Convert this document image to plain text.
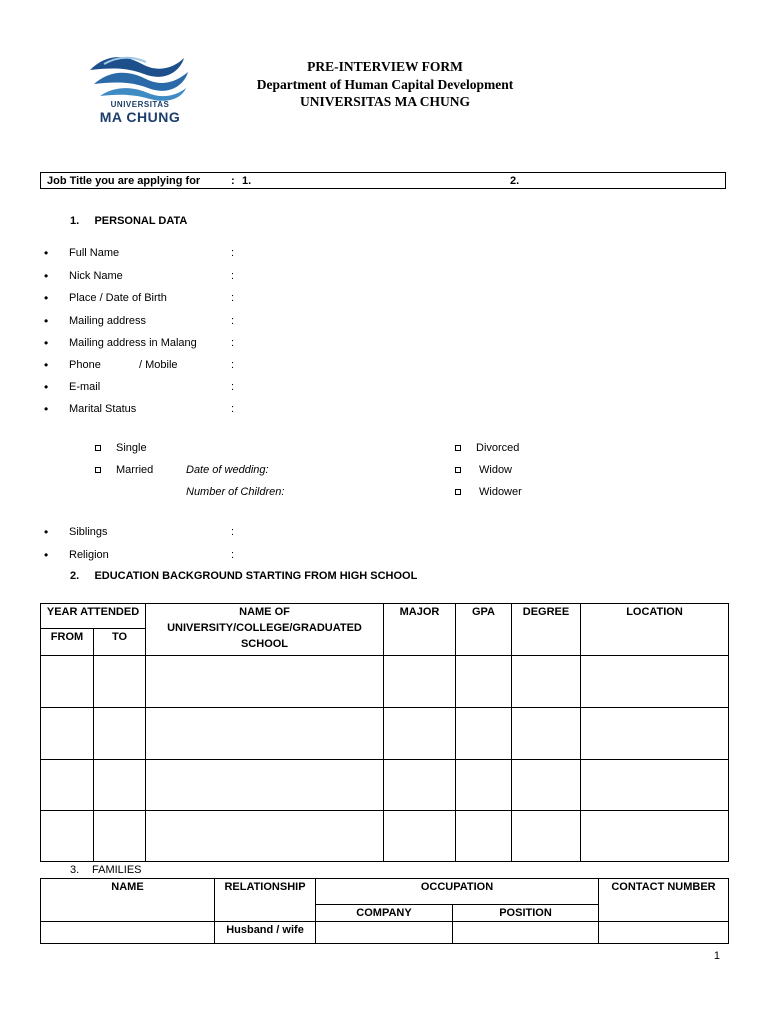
UNIVERSITAS
MA CHUNG
PRE-INTERVIEW FORM
Department of Human Capital Development
UNIVERSITAS MA CHUNG
Job Title you are applying for	: 1.	2.
1.     PERSONAL DATA
• Full Name	:
• Nick Name	:
• Place / Date of Birth	:
• Mailing address	:
• Mailing address in Malang	:
• Phone	/ Mobile	:
• E-mail	:
• Marital Status	:
Single
Married	Date of wedding:
Number of Children:
Divorced
Widow
Widower
• Siblings	:
• Religion	:
2.     EDUCATION BACKGROUND STARTING FROM HIGH SCHOOL
YEAR ATTENDED		NAME OF UNIVERSITY/COLLEGE/GRADUATED SCHOOL	MAJOR	GPA	DEGREE	LOCATION
FROM	TO					

3. FAMILIES
NAME	RELATIONSHIP	OCCUPATION		CONTACT NUMBER
		COMPANY	POSITION	
	Husband / wife			
1
